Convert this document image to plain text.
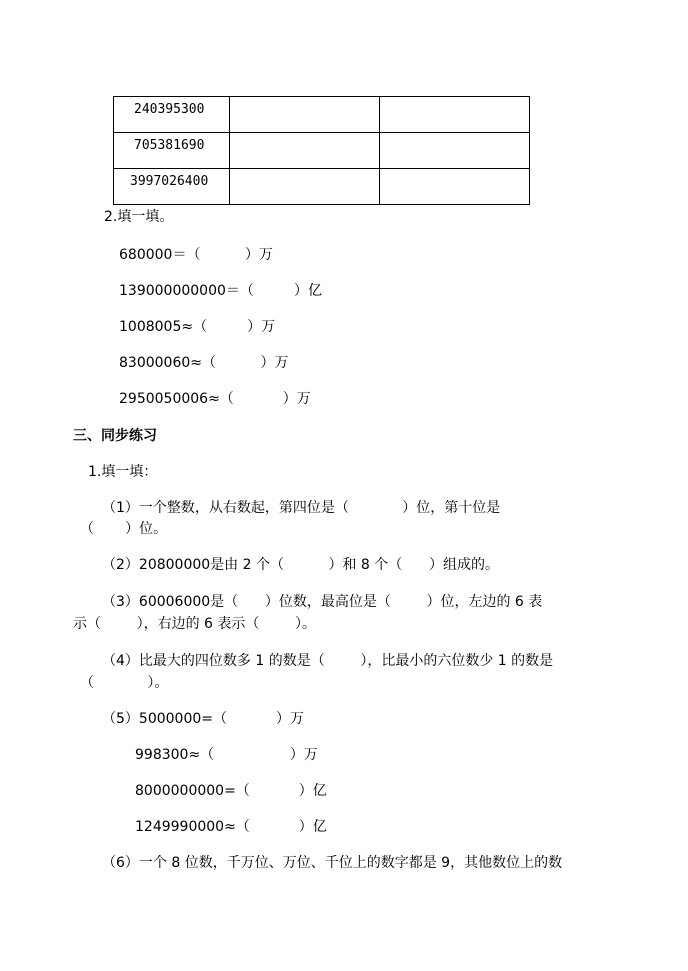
240395300		

705381690		

3997026400		

2.填一填。
680000＝（          ）万
139000000000＝（         ）亿
1008005≈（         ）万
83000060≈（          ）万
2950050006≈（           ）万
三、同步练习
1.填一填：
（1）一个整数，从右数起，第四位是（            ）位，第十位是
（       ）位。
（2）20800000是由 2 个（          ）和 8 个（      ）组成的。
（3）60006000是（      ）位数，最高位是（        ）位，左边的 6 表
示（        ），右边的 6 表示（        ）。
（4）比最大的四位数多 1 的数是（        ），比最小的六位数少 1 的数是
（            ）。
（5）5000000=（           ）万
998300≈（                 ）万
8000000000=（           ）亿
1249990000≈（           ）亿
（6）一个 8 位数，千万位、万位、千位上的数字都是 9，其他数位上的数
